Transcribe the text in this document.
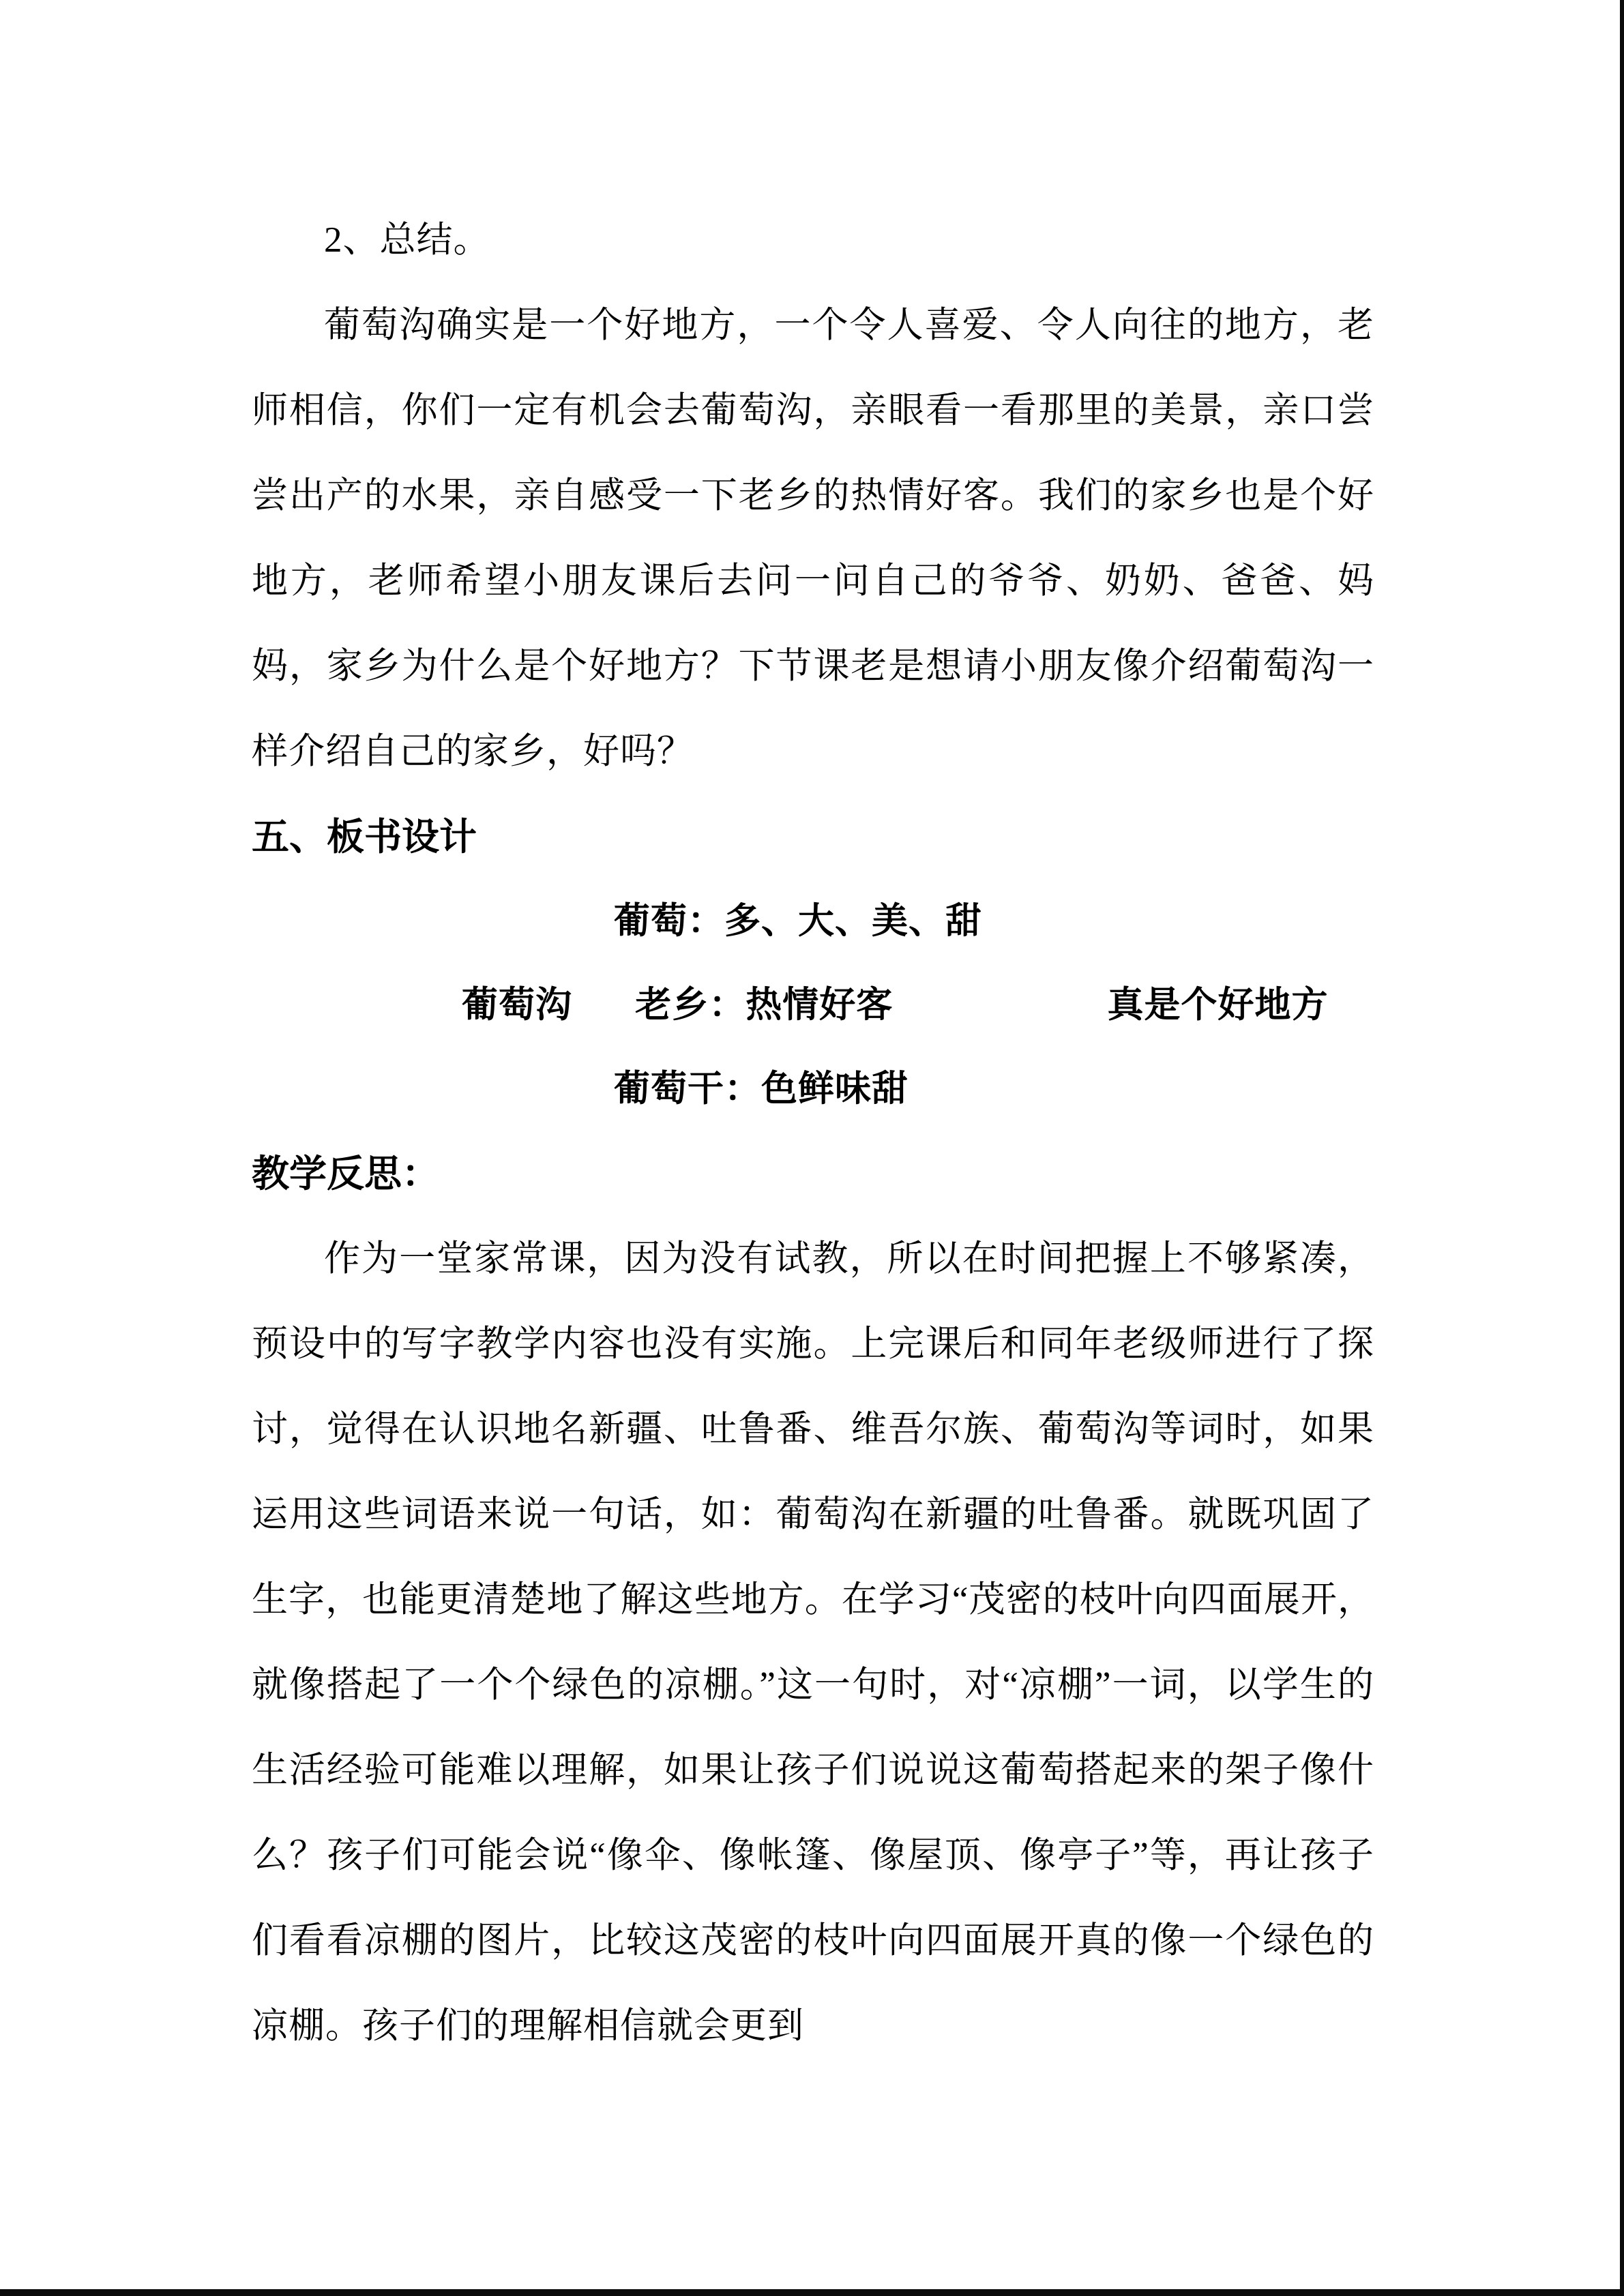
2、总结。

葡萄沟确实是一个好地方，一个令人喜爱、令人向往的地方，老师相信，你们一定有机会去葡萄沟，亲眼看一看那里的美景，亲口尝尝出产的水果，亲自感受一下老乡的热情好客。我们的家乡也是个好地方，老师希望小朋友课后去问一问自己的爷爷、奶奶、爸爸、妈妈，家乡为什么是个好地方？下节课老是想请小朋友像介绍葡萄沟一样介绍自己的家乡，好吗？

五、板书设计

葡萄：多、大、美、甜

葡萄沟 老乡：热情好客	真是个好地方

葡萄干：色鲜味甜

教学反思：

作为一堂家常课，因为没有试教，所以在时间把握上不够紧凑，预设中的写字教学内容也没有实施。上完课后和同年老级师进行了探讨，觉得在认识地名新疆、吐鲁番、维吾尔族、葡萄沟等词时，如果运用这些词语来说一句话，如：葡萄沟在新疆的吐鲁番。就既巩固了生字，也能更清楚地了解这些地方。在学习“茂密的枝叶向四面展开，就像搭起了一个个绿色的凉棚。”这一句时，对“凉棚”一词，以学生的生活经验可能难以理解，如果让孩子们说说这葡萄搭起来的架子像什么？孩子们可能会说“像伞、像帐篷、像屋顶、像亭子”等，再让孩子们看看凉棚的图片，比较这茂密的枝叶向四面展开真的像一个绿色的凉棚。孩子们的理解相信就会更到
